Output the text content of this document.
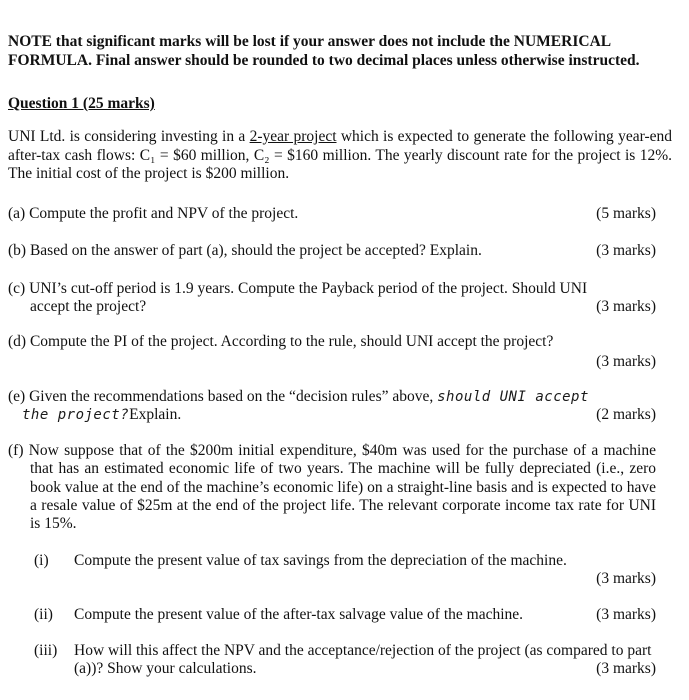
NOTE that significant marks will be lost if your answer does not include the NUMERICAL FORMULA. Final answer should be rounded to two decimal places unless otherwise instructed.
Question 1 (25 marks)
UNI Ltd. is considering investing in a 2-year project which is expected to generate the following year-end after-tax cash flows: C₁ = $60 million, C₂ = $160 million. The yearly discount rate for the project is 12%. The initial cost of the project is $200 million.
(a) Compute the profit and NPV of the project.	(5 marks)
(b) Based on the answer of part (a), should the project be accepted? Explain.	(3 marks)
(c) UNI’s cut-off period is 1.9 years. Compute the Payback period of the project. Should UNI
accept the project?	(3 marks)
(d) Compute the PI of the project. According to the rule, should UNI accept the project?
(3 marks)
(e) Given the recommendations based on the “decision rules” above, should UNI accept
the project?Explain.	(2 marks)
(f) Now suppose that of the $200m initial expenditure, $40m was used for the purchase of a machine that has an estimated economic life of two years. The machine will be fully depreciated (i.e., zero book value at the end of the machine’s economic life) on a straight-line basis and is expected to have a resale value of $25m at the end of the project life. The relevant corporate income tax rate for UNI is 15%.
(i) Compute the present value of tax savings from the depreciation of the machine.
(3 marks)
(ii) Compute the present value of the after-tax salvage value of the machine.	(3 marks)
(iii) How will this affect the NPV and the acceptance/rejection of the project (as compared to part (a))? Show your calculations.	(3 marks)
